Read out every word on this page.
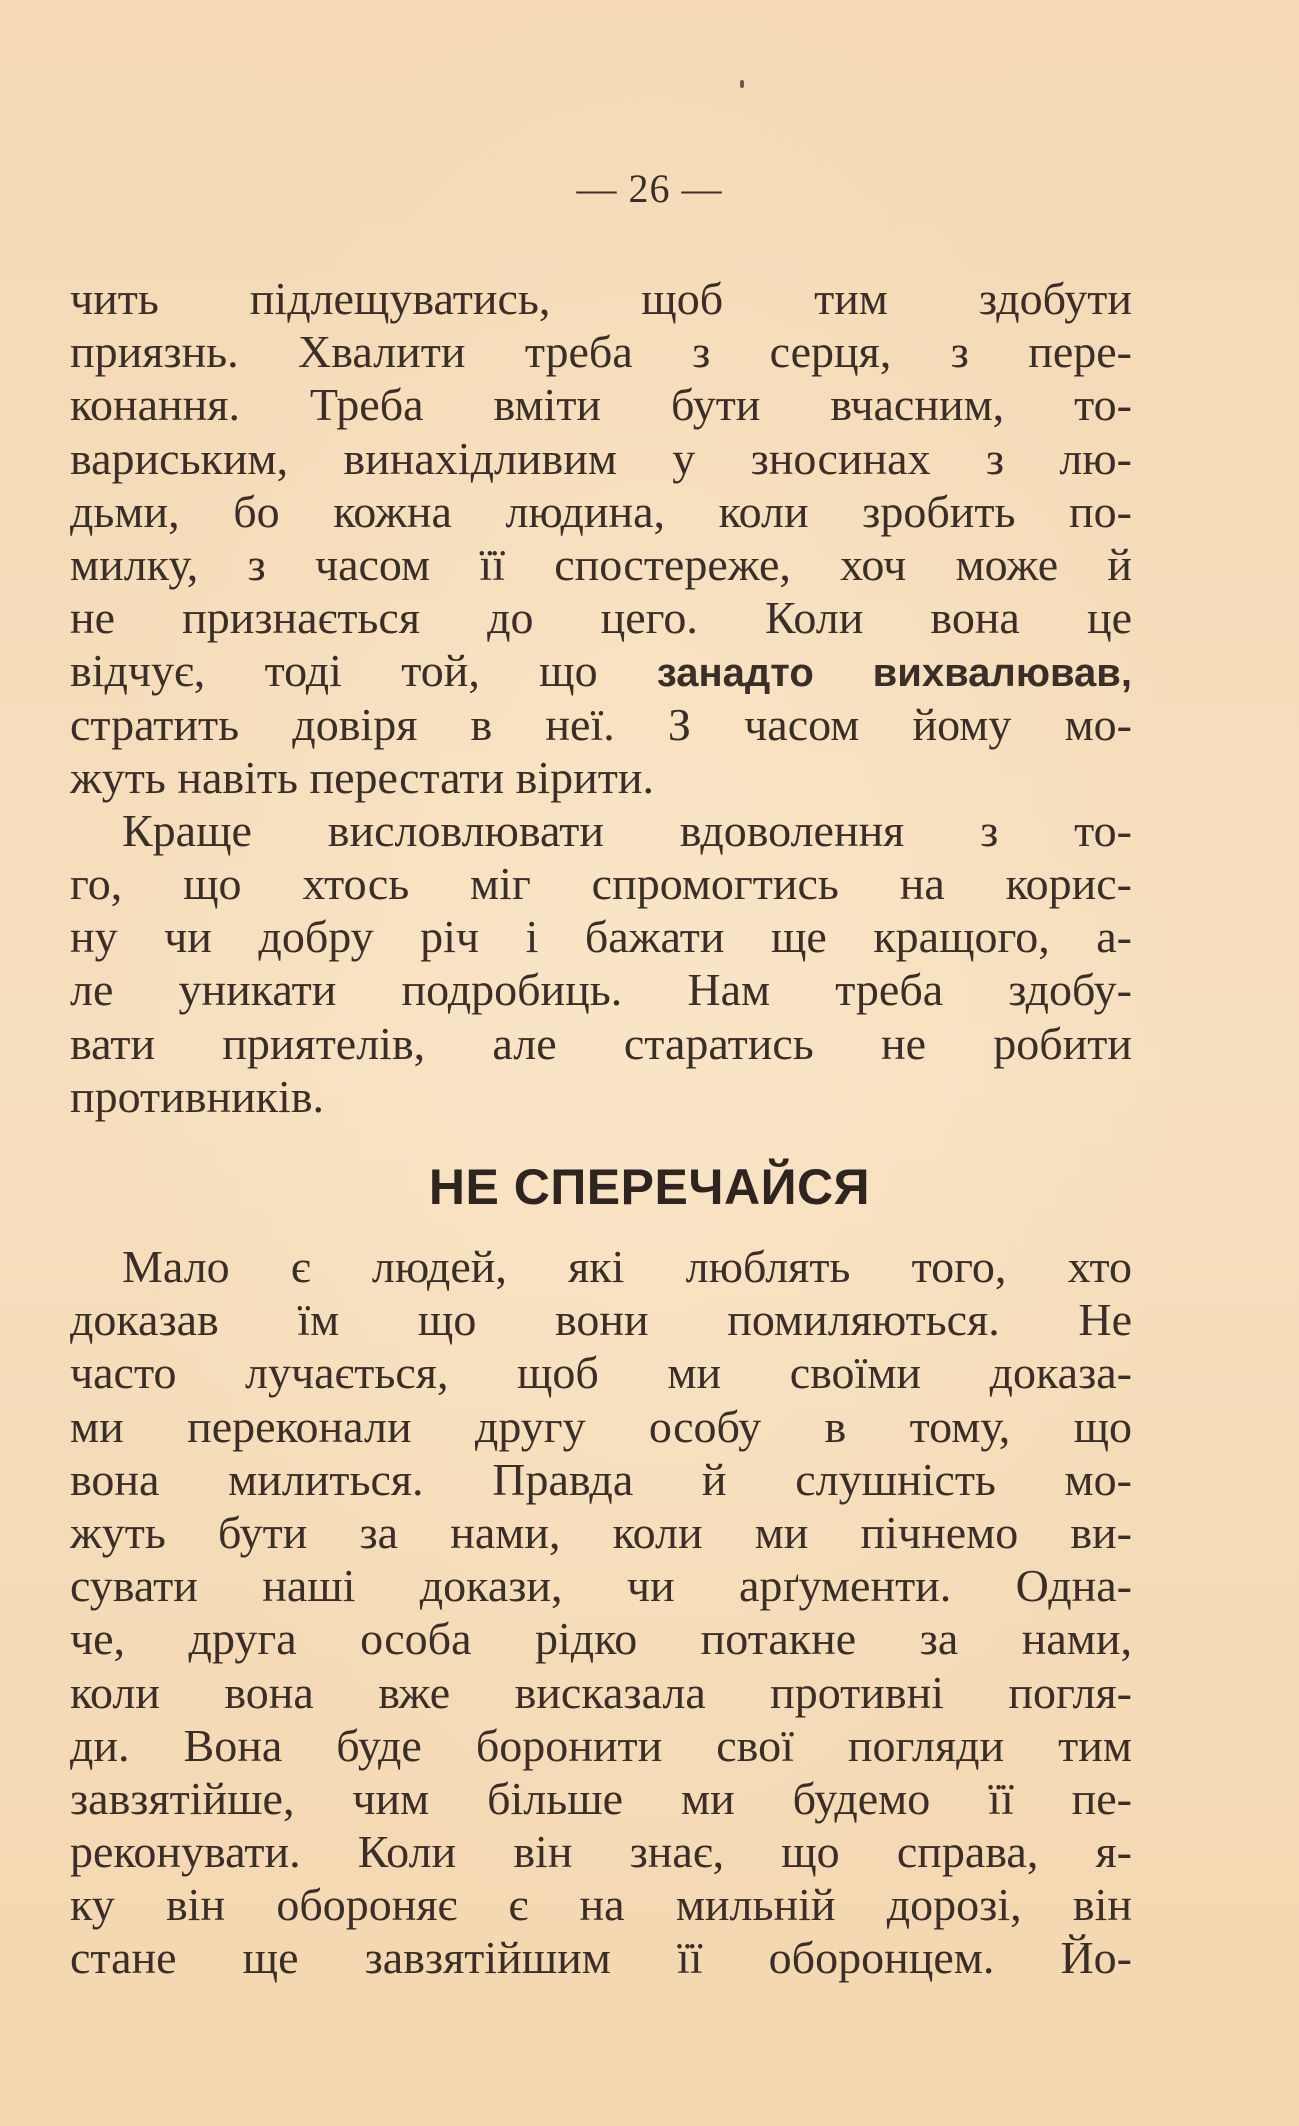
— 26 —
чить підлещуватись, щоб тим здобути
приязнь. Хвалити треба з серця, з пере-
конання. Треба вміти бути вчасним, то-
вариським, винахідливим у зносинах з лю-
дьми, бо кожна людина, коли зробить по-
милку, з часом її спостереже, хоч може й
не признається до цего. Коли вона це
відчує, тоді той, що занадто вихвалював,
стратить довіря в неї. З часом йому мо-
жуть навіть перестати вірити.
Краще висловлювати вдоволення з то-
го, що хтось міг спромогтись на корис-
ну чи добру річ і бажати ще кращого, а-
ле уникати подробиць. Нам треба здобу-
вати приятелів, але старатись не робити
противників.
НЕ СПЕРЕЧАЙСЯ
Мало є людей, які люблять того, хто
доказав їм що вони помиляються. Не
часто лучається, щоб ми своїми доказа-
ми переконали другу особу в тому, що
вона милиться. Правда й слушність мо-
жуть бути за нами, коли ми пічнемо ви-
сувати наші докази, чи арґументи. Одна-
че, друга особа рідко потакне за нами,
коли вона вже висказала противні погля-
ди. Вона буде боронити свої погляди тим
завзятійше, чим більше ми будемо її пе-
реконувати. Коли він знає, що справа, я-
ку він обороняє є на мильній дорозі, він
стане ще завзятійшим її оборонцем. Йо-
